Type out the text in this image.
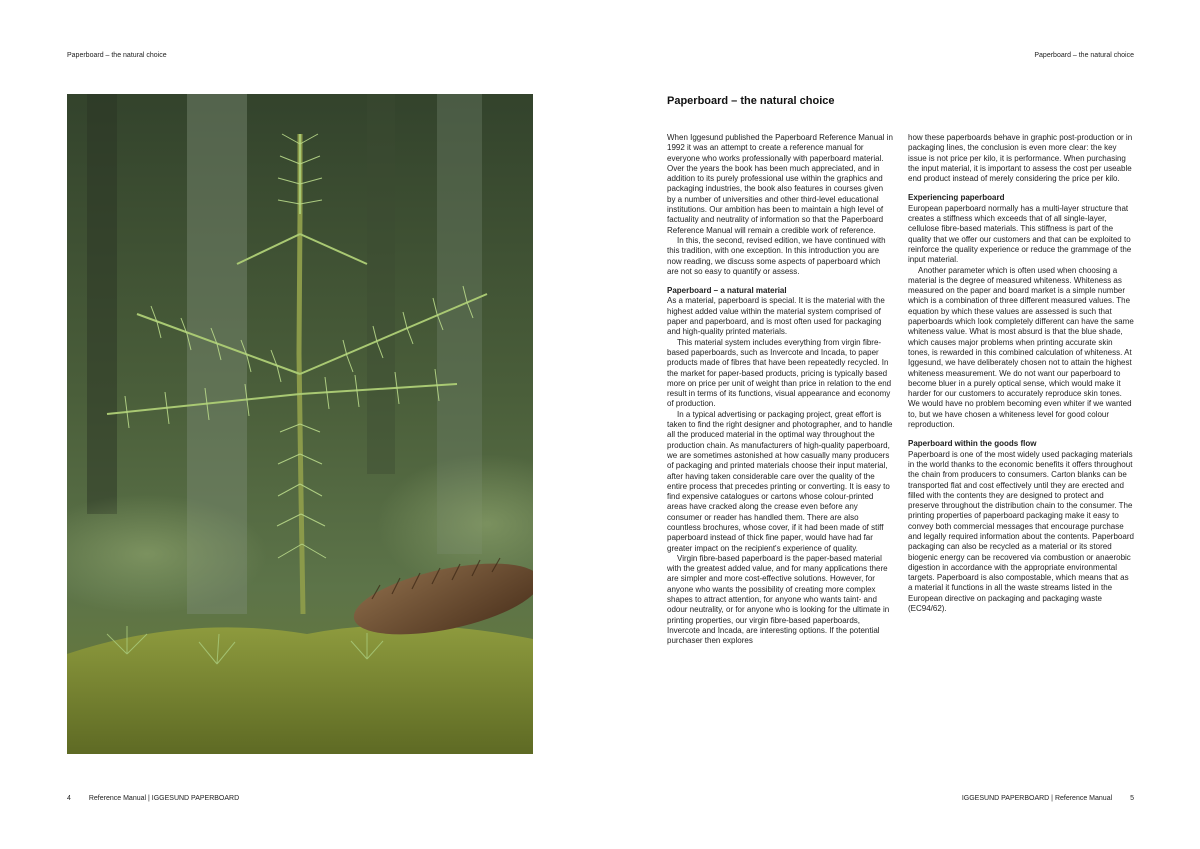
Paperboard – the natural choice	Paperboard – the natural choice
Paperboard – the natural choice

When Iggesund published the Paperboard Reference Manual in 1992 it was an attempt to create a reference manual for everyone who works professionally with paperboard material. Over the years the book has been much appreciated, and in addition to its purely professional use within the graphics and packaging industries, the book also features in courses given by a number of universities and other third-level educational institutions. Our ambition has been to maintain a high level of factuality and neutrality of information so that the Paperboard Reference Manual will remain a credible work of reference.

In this, the second, revised edition, we have continued with this tradition, with one exception. In this introduction you are now reading, we discuss some aspects of paperboard which are not so easy to quantify or assess.

Paperboard – a natural material

As a material, paperboard is special. It is the material with the highest added value within the material system comprised of paper and paperboard, and is most often used for packaging and high-quality printed materials.

This material system includes everything from virgin fibre-based paperboards, such as Invercote and Incada, to paper products made of fibres that have been repeatedly recycled. In the market for paper-based products, pricing is typically based more on price per unit of weight than price in relation to the end result in terms of its functions, visual appearance and economy of production.

In a typical advertising or packaging project, great effort is taken to find the right designer and photographer, and to handle all the produced material in the optimal way throughout the production chain. As manufacturers of high-quality paperboard, we are sometimes astonished at how casually many producers of packaging and printed materials choose their input material, after having taken considerable care over the quality of the entire process that precedes printing or converting. It is easy to find expensive catalogues or cartons whose colour-printed areas have cracked along the crease even before any consumer or reader has handled them. There are also countless brochures, whose cover, if it had been made of stiff paperboard instead of thick fine paper, would have had far greater impact on the recipient's experience of quality.

Virgin fibre-based paperboard is the paper-based material with the greatest added value, and for many applications there are simpler and more cost-effective solutions. However, for anyone who wants the possibility of creating more complex shapes to attract attention, for anyone who wants taint- and odour neutrality, or for anyone who is looking for the ultimate in printing properties, our virgin fibre-based paperboards, Invercote and Incada, are interesting options. If the potential purchaser then explores

how these paperboards behave in graphic post-production or in packaging lines, the conclusion is even more clear: the key issue is not price per kilo, it is performance. When purchasing the input material, it is important to assess the cost per useable end product instead of merely considering the price per kilo.

Experiencing paperboard

European paperboard normally has a multi-layer structure that creates a stiffness which exceeds that of all single-layer, cellulose fibre-based materials. This stiffness is part of the quality that we offer our customers and that can be exploited to reinforce the quality experience or reduce the grammage of the input material.

Another parameter which is often used when choosing a material is the degree of measured whiteness. Whiteness as measured on the paper and board market is a simple number which is a combination of three different measured values. The equation by which these values are assessed is such that paperboards which look completely different can have the same whiteness value. What is most absurd is that the blue shade, which causes major problems when printing accurate skin tones, is rewarded in this combined calculation of whiteness. At Iggesund, we have deliberately chosen not to attain the highest whiteness measurement. We do not want our paperboard to become bluer in a purely optical sense, which would make it harder for our customers to accurately reproduce skin tones. We would have no problem becoming even whiter if we wanted to, but we have chosen a whiteness level for good colour reproduction.

Paperboard within the goods flow

Paperboard is one of the most widely used packaging materials in the world thanks to the economic benefits it offers throughout the chain from producers to consumers. Carton blanks can be transported flat and cost effectively until they are erected and filled with the contents they are designed to protect and preserve throughout the distribution chain to the consumer. The printing properties of paperboard packaging make it easy to convey both commercial messages that encourage purchase and legally required information about the contents. Paperboard packaging can also be recycled as a material or its stored biogenic energy can be recovered via combustion or anaerobic digestion in accordance with the appropriate environmental targets. Paperboard is also compostable, which means that as a material it functions in all the waste streams listed in the European directive on packaging and packaging waste (EC94/62).

4	Reference Manual | IGGESUND PAPERBOARD	IGGESUND PAPERBOARD | Reference Manual	5
